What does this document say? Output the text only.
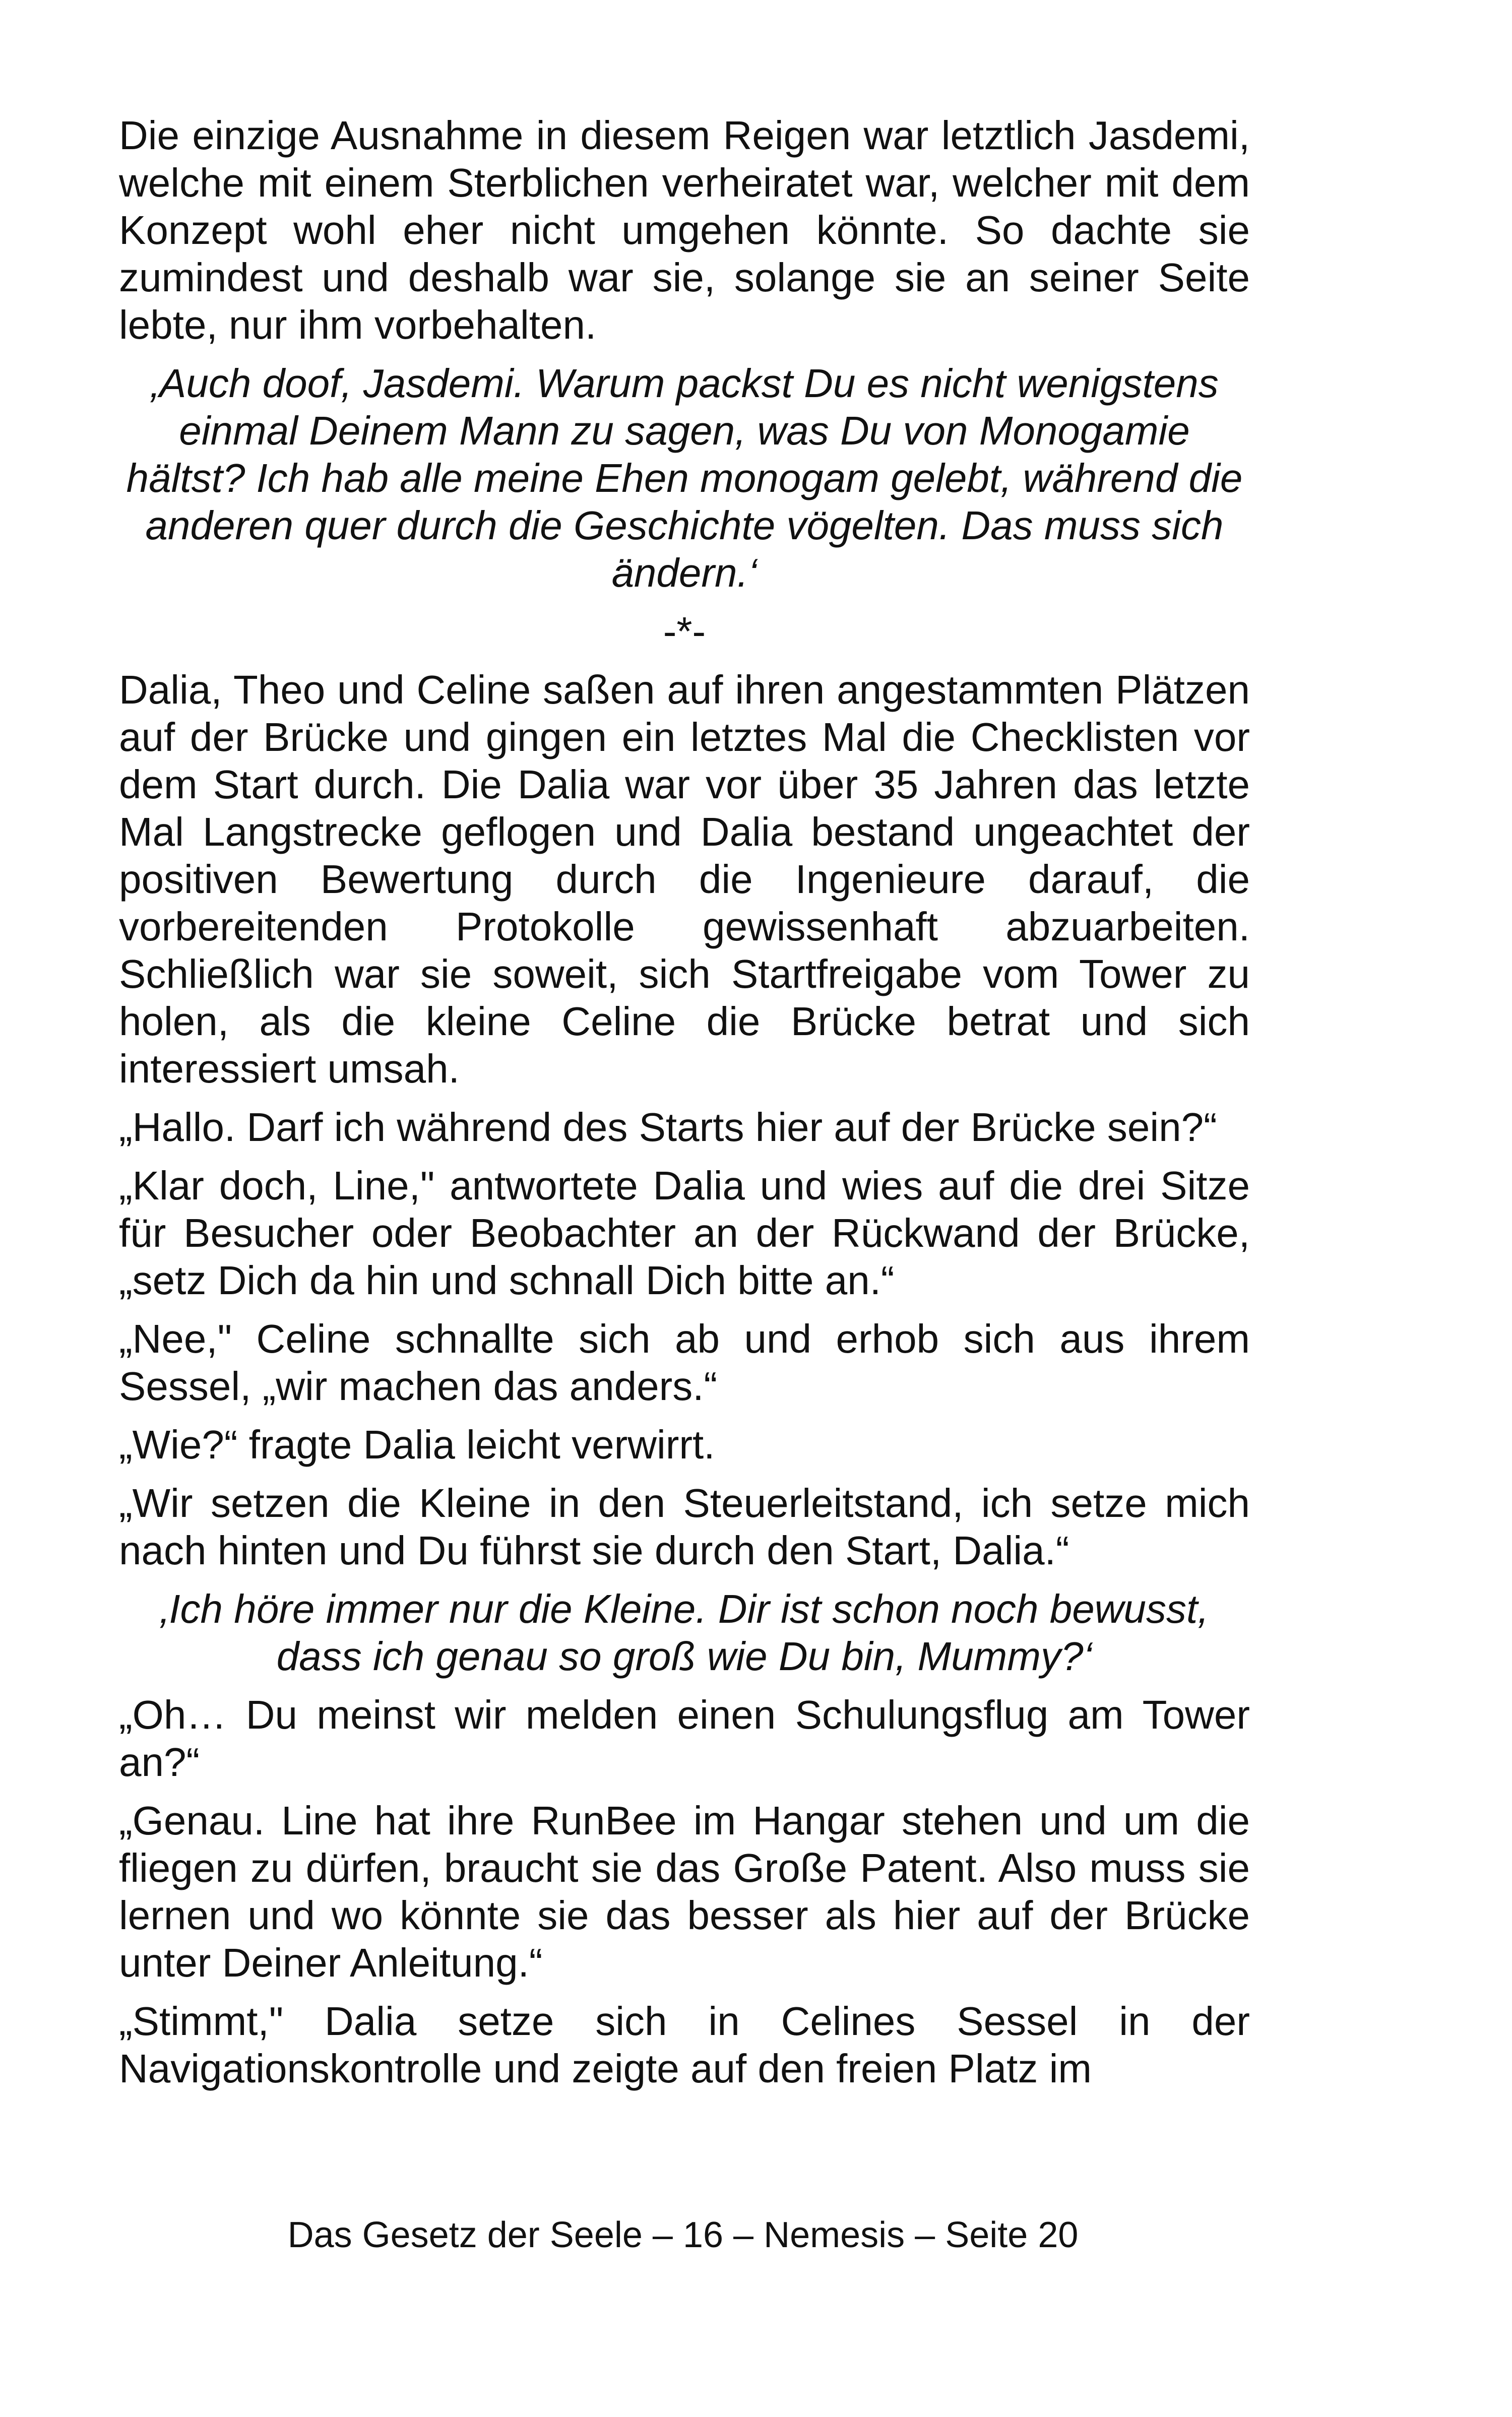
Die einzige Ausnahme in diesem Reigen war letztlich Jasdemi, welche mit einem Sterblichen verheiratet war, welcher mit dem Konzept wohl eher nicht umgehen könnte. So dachte sie zumindest und deshalb war sie, solange sie an seiner Seite lebte, nur ihm vorbehalten.

‚Auch doof, Jasdemi. Warum packst Du es nicht wenigstens einmal Deinem Mann zu sagen, was Du von Monogamie hältst? Ich hab alle meine Ehen monogam gelebt, während die anderen quer durch die Geschichte vögelten. Das muss sich ändern.‘

-*-

Dalia, Theo und Celine saßen auf ihren angestammten Plätzen auf der Brücke und gingen ein letztes Mal die Checklisten vor dem Start durch. Die Dalia war vor über 35 Jahren das letzte Mal Langstrecke geflogen und Dalia bestand ungeachtet der positiven Bewertung durch die Ingenieure darauf, die vorbereitenden Protokolle gewissenhaft abzuarbeiten. Schließlich war sie soweit, sich Startfreigabe vom Tower zu holen, als die kleine Celine die Brücke betrat und sich interessiert umsah.

„Hallo. Darf ich während des Starts hier auf der Brücke sein?“

„Klar doch, Line," antwortete Dalia und wies auf die drei Sitze für Besucher oder Beobachter an der Rückwand der Brücke, „setz Dich da hin und schnall Dich bitte an.“

„Nee," Celine schnallte sich ab und erhob sich aus ihrem Sessel, „wir machen das anders.“

„Wie?“ fragte Dalia leicht verwirrt.

„Wir setzen die Kleine in den Steuerleitstand, ich setze mich nach hinten und Du führst sie durch den Start, Dalia.“

‚Ich höre immer nur die Kleine. Dir ist schon noch bewusst, dass ich genau so groß wie Du bin, Mummy?‘

„Oh… Du meinst wir melden einen Schulungsflug am Tower an?“

„Genau. Line hat ihre RunBee im Hangar stehen und um die fliegen zu dürfen, braucht sie das Große Patent. Also muss sie lernen und wo könnte sie das besser als hier auf der Brücke unter Deiner Anleitung.“

„Stimmt," Dalia setze sich in Celines Sessel in der Navigationskontrolle und zeigte auf den freien Platz im

Das Gesetz der Seele – 16 – Nemesis – Seite 20
